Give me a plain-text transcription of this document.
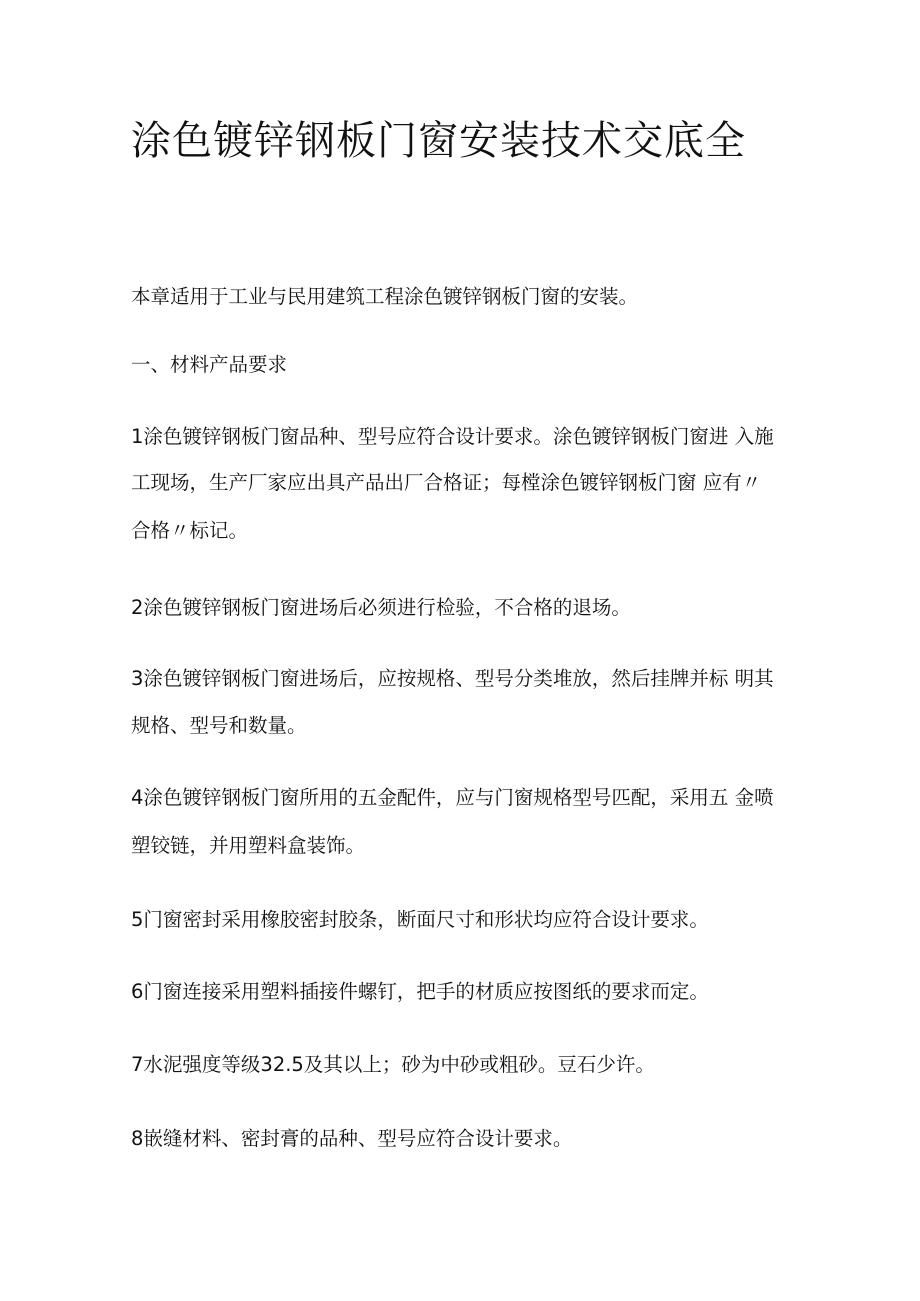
涂色镀锌钢板门窗安装技术交底全

本章适用于工业与民用建筑工程涂色镀锌钢板门窗的安装。

一、材料产品要求

1涂色镀锌钢板门窗品种、型号应符合设计要求。涂色镀锌钢板门窗进 入施

工现场，生产厂家应出具产品出厂合格证；每樘涂色镀锌钢板门窗 应有〃

合格〃标记。

2涂色镀锌钢板门窗进场后必须进行检验，不合格的退场。

3涂色镀锌钢板门窗进场后，应按规格、型号分类堆放，然后挂牌并标 明其

规格、型号和数量。

4涂色镀锌钢板门窗所用的五金配件，应与门窗规格型号匹配，采用五 金喷

塑铰链，并用塑料盒装饰。

5门窗密封采用橡胶密封胶条，断面尺寸和形状均应符合设计要求。

6门窗连接采用塑料插接件螺钉，把手的材质应按图纸的要求而定。

7水泥强度等级32.5及其以上；砂为中砂或粗砂。豆石少许。

8嵌缝材料、密封膏的品种、型号应符合设计要求。
